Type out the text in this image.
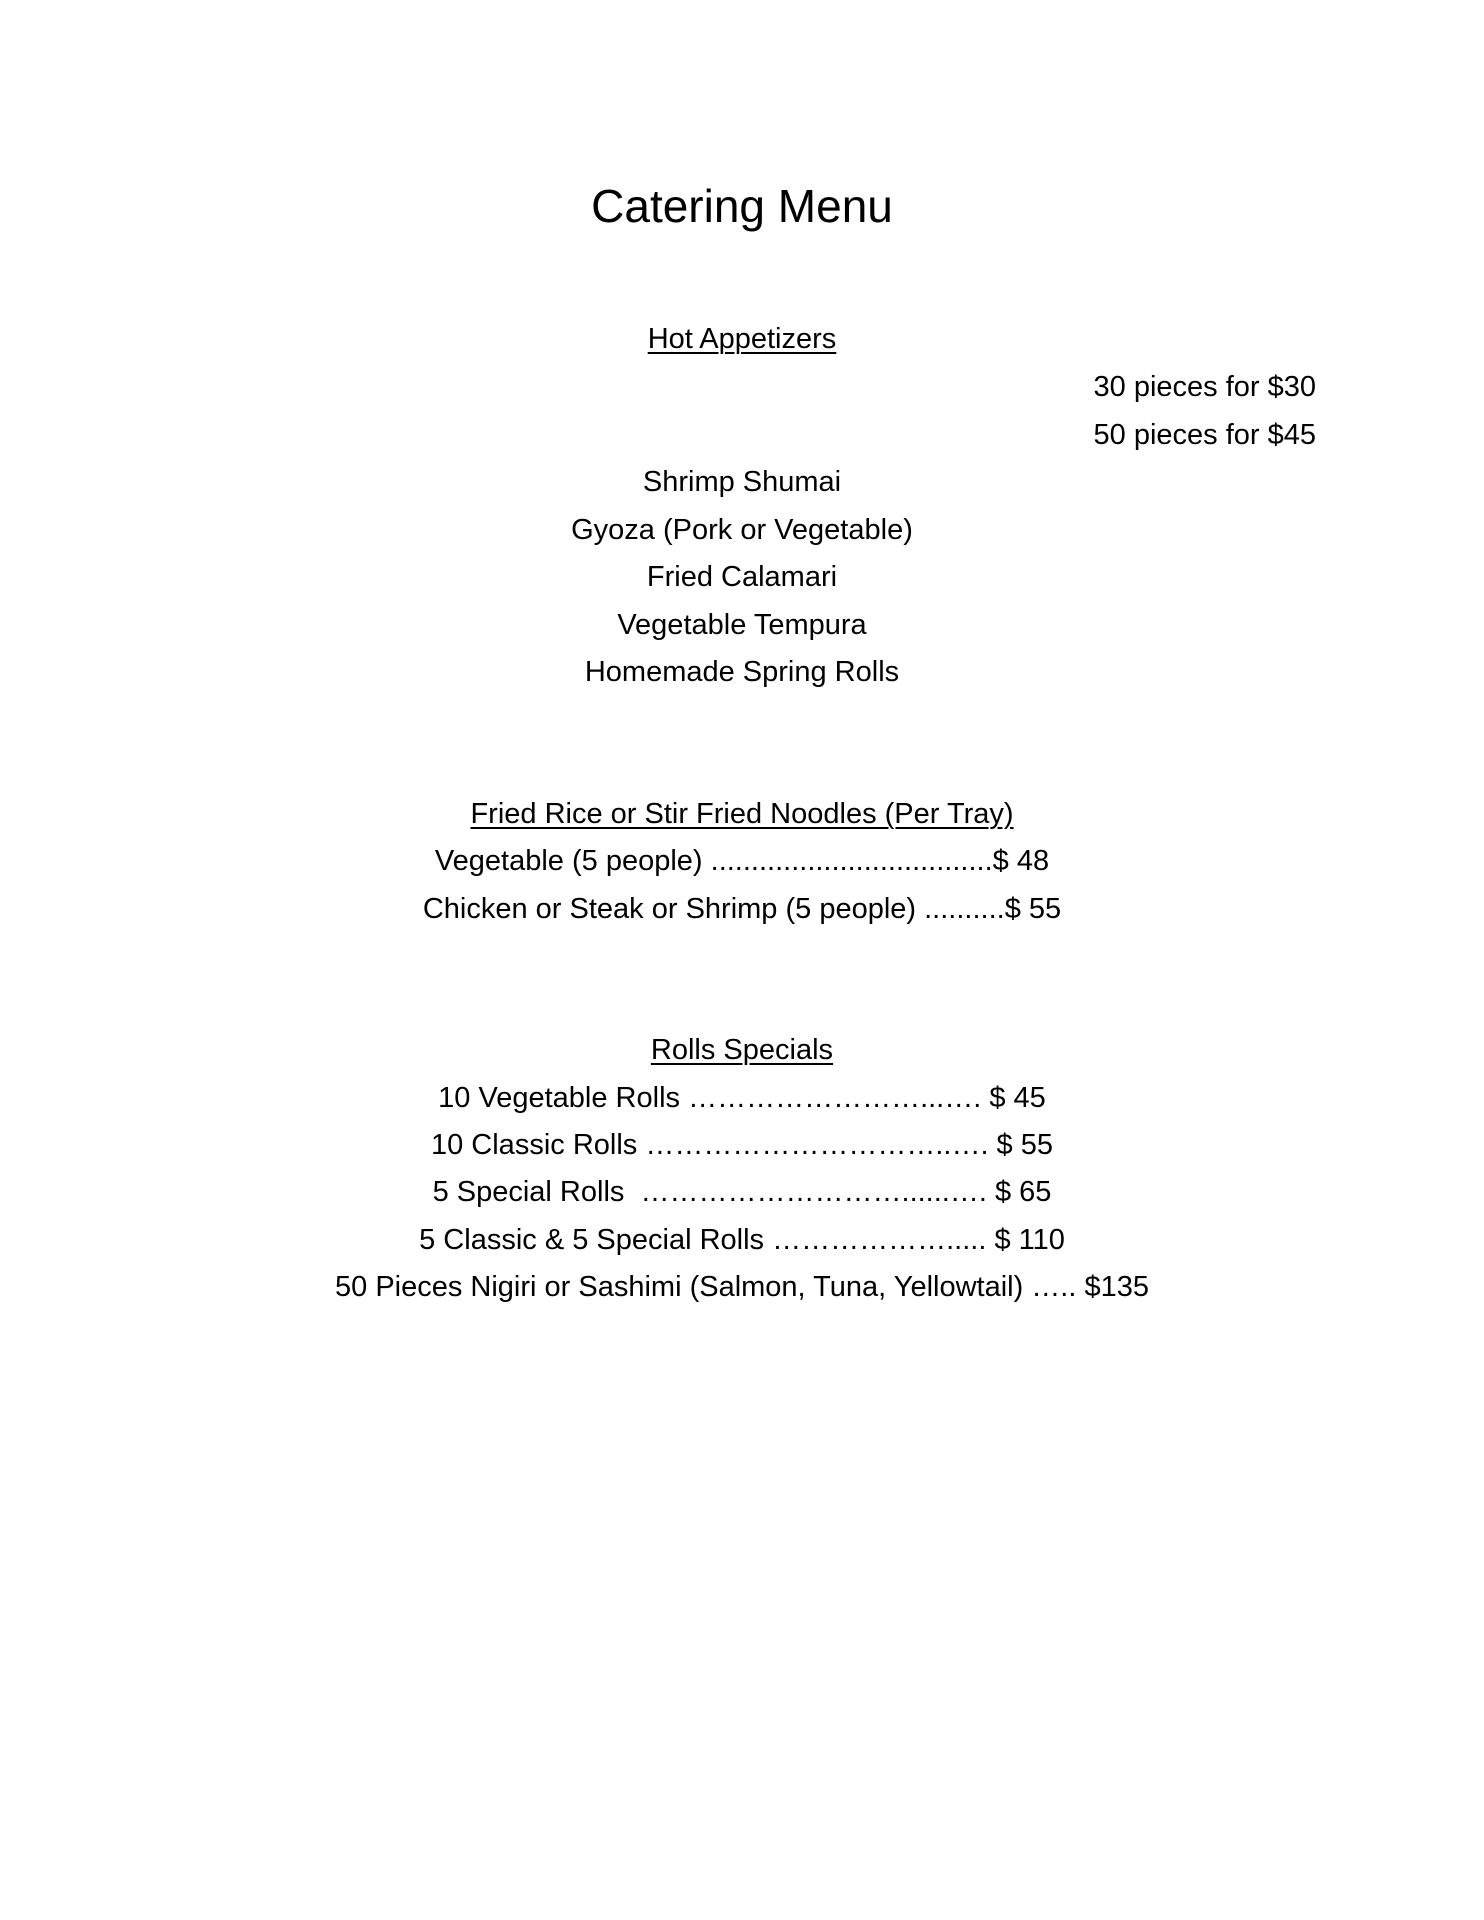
Catering Menu
Hot Appetizers
30 pieces for $30
50 pieces for $45
Shrimp Shumai
Gyoza (Pork or Vegetable)
Fried Calamari
Vegetable Tempura
Homemade Spring Rolls
Fried Rice or Stir Fried Noodles (Per Tray)
Vegetable (5 people) ...................................$ 48
Chicken or Steak or Shrimp (5 people) ..........$ 55
Rolls Specials
10 Vegetable Rolls ……………………...…. $ 45
10 Classic Rolls …………………………..…. $ 55
5 Special Rolls  ………………………......…. $ 65
5 Classic & 5 Special Rolls ………………..... $ 110
50 Pieces Nigiri or Sashimi (Salmon, Tuna, Yellowtail) ….. $135
